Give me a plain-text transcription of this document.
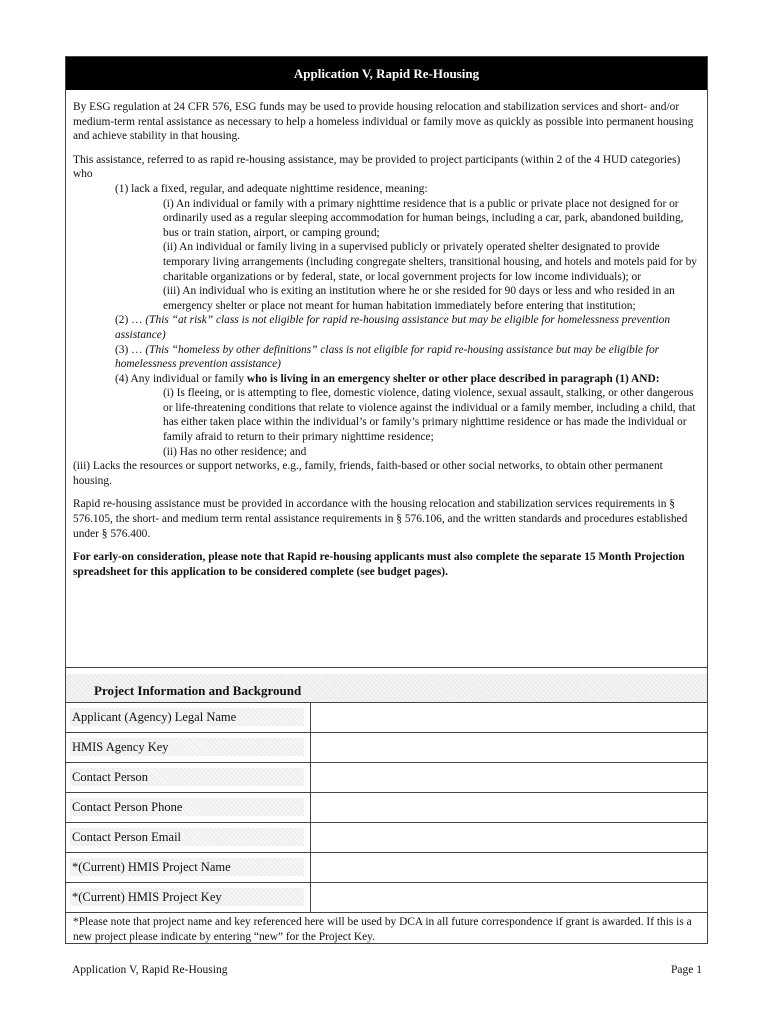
Application V, Rapid Re-Housing

By ESG regulation at 24 CFR 576, ESG funds may be used to provide housing relocation and stabilization services and short- and/or medium-term rental assistance as necessary to help a homeless individual or family move as quickly as possible into permanent housing and achieve stability in that housing.

This assistance, referred to as rapid re-housing assistance, may be provided to project participants (within 2 of the 4 HUD categories) who
(1) lack a fixed, regular, and adequate nighttime residence, meaning:
(i) An individual or family with a primary nighttime residence that is a public or private place not designed for or ordinarily used as a regular sleeping accommodation for human beings, including a car, park, abandoned building, bus or train station, airport, or camping ground;
(ii) An individual or family living in a supervised publicly or privately operated shelter designated to provide temporary living arrangements (including congregate shelters, transitional housing, and hotels and motels paid for by charitable organizations or by federal, state, or local government projects for low income individuals); or
(iii) An individual who is exiting an institution where he or she resided for 90 days or less and who resided in an emergency shelter or place not meant for human habitation immediately before entering that institution;
(2) … (This “at risk” class is not eligible for rapid re-housing assistance but may be eligible for homelessness prevention assistance)
(3) … (This “homeless by other definitions” class is not eligible for rapid re-housing assistance but may be eligible for homelessness prevention assistance)
(4) Any individual or family who is living in an emergency shelter or other place described in paragraph (1) AND:
(i) Is fleeing, or is attempting to flee, domestic violence, dating violence, sexual assault, stalking, or other dangerous or life-threatening conditions that relate to violence against the individual or a family member, including a child, that has either taken place within the individual’s or family’s primary nighttime residence or has made the individual or family afraid to return to their primary nighttime residence;
(ii) Has no other residence; and

(iii) Lacks the resources or support networks, e.g., family, friends, faith-based or other social networks, to obtain other permanent housing.

Rapid re-housing assistance must be provided in accordance with the housing relocation and stabilization services requirements in § 576.105, the short- and medium term rental assistance requirements in § 576.106, and the written standards and procedures established under § 576.400.

For early-on consideration, please note that Rapid re-housing applicants must also complete the separate 15 Month Projection spreadsheet for this application to be considered complete (see budget pages).

Project Information and Background
Applicant (Agency) Legal Name
HMIS Agency Key
Contact Person
Contact Person Phone
Contact Person Email
*(Current) HMIS Project Name
*(Current) HMIS Project Key
*Please note that project name and key referenced here will be used by DCA in all future correspondence if grant is awarded. If this is a new project please indicate by entering “new” for the Project Key.
Application V, Rapid Re-Housing	Page 1
